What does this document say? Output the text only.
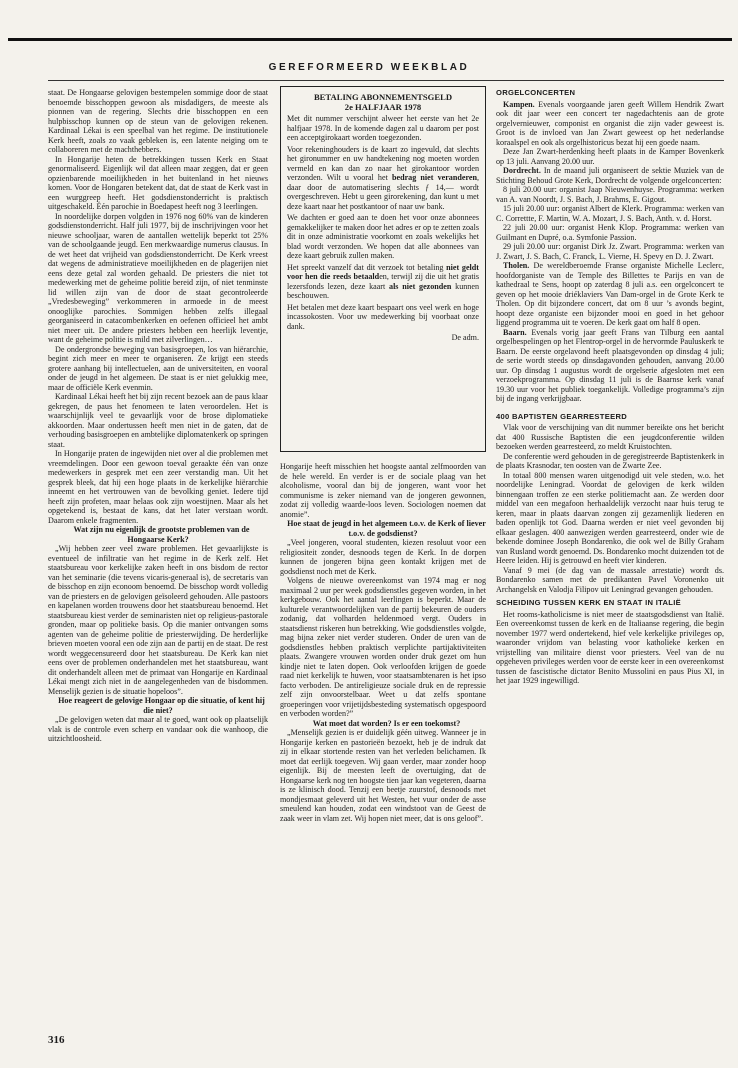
GEREFORMEERD WEEKBLAD

staat. De Hongaarse gelovigen bestempelen sommige door de staat benoemde bisschoppen gewoon als misdadigers, de meeste als pionnen van de regering. Slechts drie bisschoppen en een hulpbisschop kunnen op de steun van de gelovigen rekenen. Kardinaal Lékai is een speelbal van het regime. De institutionele Kerk heeft, zoals zo vaak gebleken is, een latente neiging om te collaboreren met de machthebbers.

In Hongarije heten de betrekkingen tussen Kerk en Staat genormaliseerd. Eigenlijk wil dat alleen maar zeggen, dat er geen opzienbarende moeilijkheden in het buitenland in het nieuws komen. Voor de Hongaren betekent dat, dat de staat de Kerk vast in een wurggreep heeft. Het godsdienstonderricht is praktisch uitgeschakeld. Één parochie in Boedapest heeft nog 3 leerlingen.

In noordelijke dorpen volgden in 1976 nog 60% van de kinderen godsdienstonderricht. Half juli 1977, bij de inschrijvingen voor het nieuwe schooljaar, waren de aantallen wettelijk beperkt tot 25% van de schoolgaande jeugd. Een merkwaardige numerus clausus. In de wet heet dat vrijheid van godsdienstonderricht. De Kerk vreest dat wegens de administratieve moeilijkheden en de plagerijen niet eens deze getal zal worden gehaald. De priesters die niet tot medewerking met de geheime politie bereid zijn, of niet tenminste lid willen zijn van de door de staat gecontroleerde „Vredesbeweging” verkommeren in armoede in de meest onooglijke parochies. Sommigen hebben zelfs illegaal georganiseerd in catacombenkerken en oefenen officieel het ambt niet meer uit. De andere priesters hebben een heerlijk leventje, want de geheime politie is mild met zilverlingen…

De ondergrondse beweging van basisgroepen, los van hiërarchie, begint zich meer en meer te organiseren. Ze krijgt een steeds grotere aanhang bij intellectuelen, aan de universiteiten, en vooral onder de jeugd in het algemeen. De staat is er niet gelukkig mee, maar de officiële Kerk evenmin.

Kardinaal Lékai heeft het bij zijn recent bezoek aan de paus klaar gekregen, de paus het fenomeen te laten veroordelen. Het is waarschijnlijk veel te gevaarlijk voor de brose diplomatieke akkoorden. Maar ondertussen heeft men niet in de gaten, dat de verhouding basisgroepen en ambtelijke diplomatenkerk op springen staat.

In Hongarije praten de ingewijden niet over al die problemen met vreemdelingen. Door een gewoon toeval geraakte één van onze medewerkers in gesprek met een zeer verstandig man. Uit het gesprek bleek, dat hij een hoge plaats in de kerkelijke hiërarchie inneemt en het vertrouwen van de bevolking geniet. Iedere tijd heeft zijn profeten, maar helaas ook zijn woestijnen. Maar als het opgetekend is, bestaat de kans, dat het later verstaan wordt. Daarom enkele fragmenten.

Wat zijn nu eigenlijk de grootste problemen van de Hongaarse Kerk?

„Wij hebben zeer veel zware problemen. Het gevaarlijkste is eventueel de infiltratie van het regime in de Kerk zelf. Het staatsbureau voor kerkelijke zaken heeft in ons bisdom de rector van het seminarie (die tevens vicaris-generaal is), de secretaris van de bisschop en zijn econoom benoemd. De bisschop wordt volledig van de priesters en de gelovigen geïsoleerd gehouden. Alle pastoors en kapelanen worden trouwens door het staatsbureau benoemd. Het staatsbureau kiest verder de seminaristen niet op religieus-pastorale gronden, maar op politieke basis. Op die manier ontvangen soms agenten van de geheime politie de priesterwijding. De herderlijke brieven moeten vooral een ode zijn aan de partij en de staat. De rest wordt weggecensureerd door het staatsbureau. De Kerk kan niet eens over de problemen onderhandelen met het staatsbureau, want dit onderhandelt alleen met de primaat van Hongarije en Kardinaal Lékai mengt zich niet in de aangelegenheden van de bisdommen. Menselijk gezien is de situatie hopeloos”.

Hoe reageert de gelovige Hongaar op die situatie, of kent hij die niet?

„De gelovigen weten dat maar al te goed, want ook op plaatselijk vlak is de controle even scherp en vandaar ook die wanhoop, die uitzichtloosheid.

BETALING ABONNEMENTSGELD
2e HALFJAAR 1978

Met dit nummer verschijnt alweer het eerste van het 2e halfjaar 1978. In de komende dagen zal u daarom per post een acceptgirokaart worden toegezonden.

Voor rekeninghouders is de kaart zo ingevuld, dat slechts het gironummer en uw handtekening nog moeten worden vermeld en kan dan zo naar het girokantoor worden verzonden. Wilt u vooral het bedrag niet veranderen, daar door de automatisering slechts ƒ 14,— wordt overgeschreven. Hebt u geen girorekening, dan kunt u met deze kaart naar het postkantoor of naar uw bank.

We dachten er goed aan te doen het voor onze abonnees gemakkelijker te maken door het adres er op te zetten zoals dit in onze administratie voorkomt en zoals wekelijks het blad wordt verzonden. We hopen dat alle abonnees van deze kaart gebruik zullen maken.

Het spreekt vanzelf dat dit verzoek tot betaling niet geldt voor hen die reeds betaalden, terwijl zij die uit het gratis lezersfonds lezen, deze kaart als niet gezonden kunnen beschouwen.

Het betalen met deze kaart bespaart ons veel werk en hoge incassokosten. Voor uw medewerking bij voorbaat onze dank.

De adm.

Hongarije heeft misschien het hoogste aantal zelfmoorden van de hele wereld. En verder is er de sociale plaag van het alcoholisme, vooral dan bij de jongeren, want voor het communisme is zeker niemand van de jongeren gewonnen, zodat zij volledig waarde-loos leven. Sociologen noemen dat anomie”.

Hoe staat de jeugd in het algemeen t.o.v. de Kerk of liever t.o.v. de godsdienst?

„Veel jongeren, vooral studenten, kiezen resoluut voor een religiositeit zonder, desnoods tegen de Kerk. In de dorpen kunnen de jongeren bijna geen kontakt krijgen met de godsdienst noch met de Kerk.

Volgens de nieuwe overeenkomst van 1974 mag er nog maximaal 2 uur per week godsdienstles gegeven worden, in het kerkgebouw. Ook het aantal leerlingen is beperkt. Maar de kulturele verantwoordelijken van de partij bekeuren de ouders zodanig, dat volharden heldenmoed vergt. Ouders in staatsdienst riskeren hun betrekking. Wie godsdienstles volgde, mag bijna zeker niet verder studeren. Onder de uren van de godsdienstles hebben praktisch verplichte partijaktiviteiten plaats. Zwangere vrouwen worden onder druk gezet om hun kindje niet te laten dopen. Ook verloofden krijgen de goede raad niet kerkelijk te huwen, voor staatsambtenaren is het ipso facto verboden. De antireligieuze sociale druk en de repressie zelf zijn onvoorstelbaar. Weet u dat zelfs spontane groeperingen voor vrijetijdsbesteding systematisch opgespoord en verboden worden?”

Wat moet dat worden? Is er een toekomst?

„Menselijk gezien is er duidelijk géén uitweg. Wanneer je in Hongarije kerken en pastorieën bezoekt, heb je de indruk dat zij in elkaar stortende resten van het verleden belichamen. Ik moet dat eerlijk toegeven. Wij gaan verder, maar zonder hoop eigenlijk. Bij de meesten leeft de overtuiging, dat de Hongaarse kerk nog ten hoogste tien jaar kan vegeteren, daarna is ze klinisch dood. Tenzij een beetje zuurstof, desnoods met mondjesmaat geleverd uit het Westen, het vuur onder de asse smeulend kan houden, zodat een windstoot van de Geest de zaak weer in vlam zet. Wij hopen niet meer, dat is ons geloof”.

ORGELCONCERTEN

Kampen. Evenals voorgaande jaren geeft Willem Hendrik Zwart ook dit jaar weer een concert ter nagedachtenis aan de grote orgelvernieuwer, componist en organist die zijn vader geweest is. Groot is de invloed van Jan Zwart geweest op het nederlandse koraalspel en ook als orgelhistoricus bezat hij een goede naam.

Deze Jan Zwart-herdenking heeft plaats in de Kamper Bovenkerk op 13 juli. Aanvang 20.00 uur.

Dordrecht. In de maand juli organiseert de sektie Muziek van de Stichting Behoud Grote Kerk, Dordrecht de volgende orgelconcerten:

8 juli 20.00 uur: organist Jaap Nieuwenhuyse. Programma: werken van A. van Noordt, J. S. Bach, J. Brahms, E. Gigout.

15 juli 20.00 uur: organist Albert de Klerk. Programma: werken van C. Correttte, F. Martin, W. A. Mozart, J. S. Bach, Anth. v. d. Horst.

22 juli 20.00 uur: organist Henk Klop. Programma: werken van Guilmant en Dupré, o.a. Symfonie Passion.

29 juli 20.00 uur: organist Dirk Jz. Zwart. Programma: werken van J. Zwart, J. S. Bach, C. Franck, L. Vierne, H. Spevy en D. J. Zwart.

Tholen. De wereldberoemde Franse organiste Michelle Leclerc, hoofdorganiste van de Temple des Billettes te Parijs en van de kathedraal te Sens, hoopt op zaterdag 8 juli a.s. een orgelconcert te geven op het mooie driéklaviers Van Dam-orgel in de Grote Kerk te Tholen. Op dit bijzondere concert, dat om 8 uur ’s avonds begint, hoopt deze organiste een bijzonder mooi en goed in het gehoor liggend programma uit te voeren. De kerk gaat om half 8 open.

Baarn. Evenals vorig jaar geeft Frans van Tilburg een aantal orgelbespelingen op het Flentrop-orgel in de hervormde Pauluskerk te Baarn. De eerste orgelavond heeft plaatsgevonden op dinsdag 4 juli; de serie wordt steeds op dinsdagavonden gehouden, aanvang 20.00 uur. Op dinsdag 1 augustus wordt de orgelserie afgesloten met een verzoekprogramma. Op dinsdag 11 juli is de Baarnse kerk vanaf 19.30 uur voor het publiek toegankelijk. Volledige programma’s zijn bij de ingang verkrijgbaar.

400 BAPTISTEN GEARRESTEERD

Vlak voor de verschijning van dit nummer bereikte ons het bericht dat 400 Russische Baptisten die een jeugdconferentie wilden bezoeken werden gearresteerd, zo meldt Kruistochten.

De conferentie werd gehouden in de geregistreerde Baptistenkerk in de plaats Krasnodar, ten oosten van de Zwarte Zee.

In totaal 800 mensen waren uitgenodigd uit vele steden, w.o. het noordelijke Leningrad. Voordat de gelovigen de kerk wilden binnengaan troffen ze een sterke politiemacht aan. Ze werden door middel van een megafoon herhaaldelijk verzocht naar huis terug te keren, maar in plaats daarvan zongen zij gezamenlijk liederen en baden openlijk tot God. Daarna werden er niet veel gevonden bij elkaar geslagen. 400 aanwezigen werden gearresteerd, onder wie de bekende dominee Joseph Bondarenko, die ook wel de Billy Graham van Rusland wordt genoemd. Ds. Bondarenko mocht duizenden tot de Heere leiden. Hij is getrouwd en heeft vier kinderen.

Vanaf 9 mei (de dag van de massale arrestatie) wordt ds. Bondarenko samen met de predikanten Pavel Voronenko uit Archangelsk en Valodja Filipov uit Leningrad gevangen gehouden.

SCHEIDING TUSSEN KERK EN STAAT IN ITALIË

Het rooms-katholicisme is niet meer de staatsgodsdienst van Italië. Een overeenkomst tussen de kerk en de Italiaanse regering, die begin november 1977 werd ondertekend, hief vele kerkelijke privileges op, waaronder vrijdom van belasting voor katholieke kerken en vrijstelling van militaire dienst voor priesters. Veel van de nu opgeheven privileges werden voor de eerste keer in een overeenkomst tussen de fascistische dictator Benito Mussolini en paus Pius XI, in het jaar 1929 ingewilligd.

316
